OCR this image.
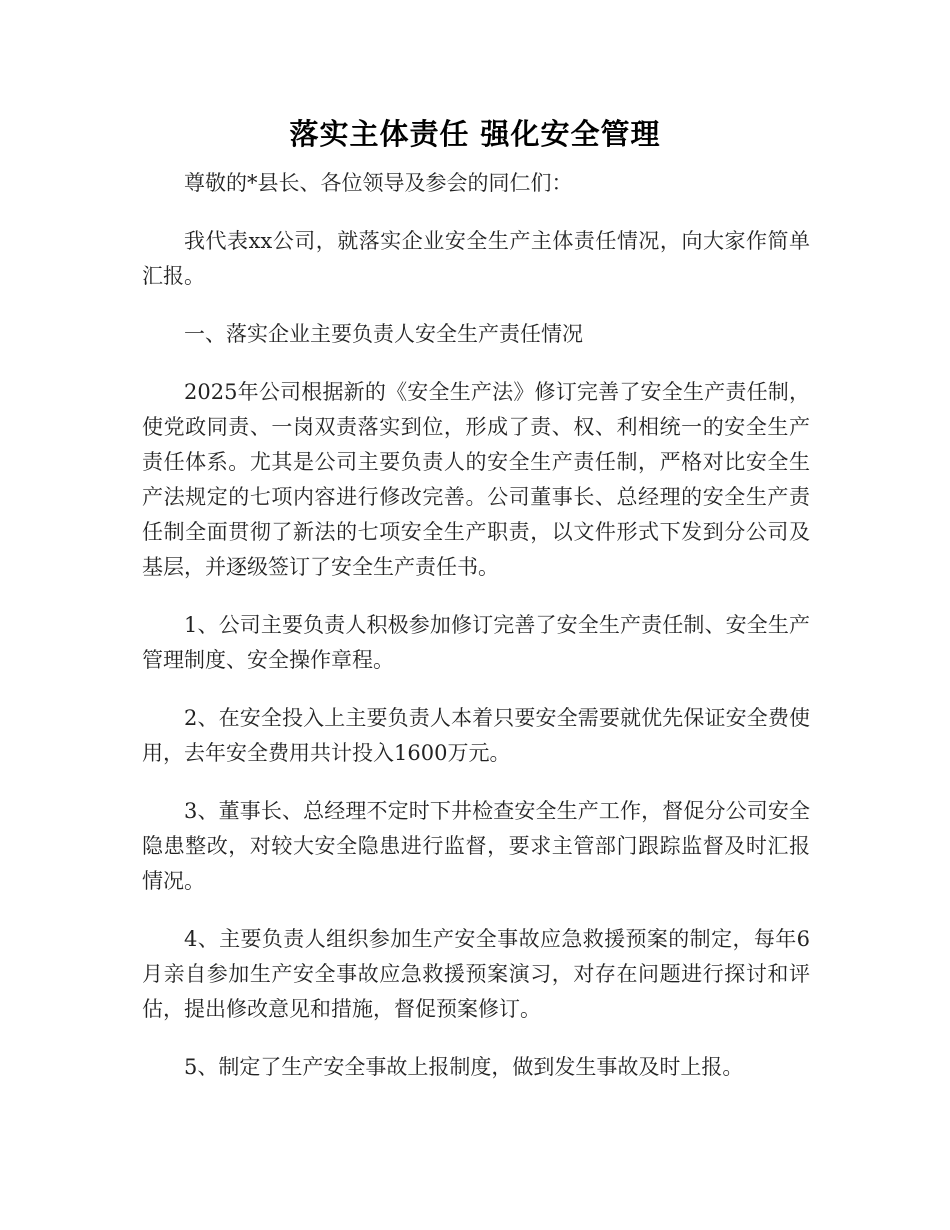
落实主体责任 强化安全管理

尊敬的*县长、各位领导及参会的同仁们：

我代表xx公司，就落实企业安全生产主体责任情况，向大家作简单汇报。

一、落实企业主要负责人安全生产责任情况

2025年公司根据新的《安全生产法》修订完善了安全生产责任制，使党政同责、一岗双责落实到位，形成了责、权、利相统一的安全生产责任体系。尤其是公司主要负责人的安全生产责任制，严格对比安全生产法规定的七项内容进行修改完善。公司董事长、总经理的安全生产责任制全面贯彻了新法的七项安全生产职责，以文件形式下发到分公司及基层，并逐级签订了安全生产责任书。

1、公司主要负责人积极参加修订完善了安全生产责任制、安全生产管理制度、安全操作章程。

2、在安全投入上主要负责人本着只要安全需要就优先保证安全费使用，去年安全费用共计投入1600万元。

3、董事长、总经理不定时下井检查安全生产工作，督促分公司安全隐患整改，对较大安全隐患进行监督，要求主管部门跟踪监督及时汇报情况。

4、主要负责人组织参加生产安全事故应急救援预案的制定，每年6月亲自参加生产安全事故应急救援预案演习，对存在问题进行探讨和评估，提出修改意见和措施，督促预案修订。

5、制定了生产安全事故上报制度，做到发生事故及时上报。
